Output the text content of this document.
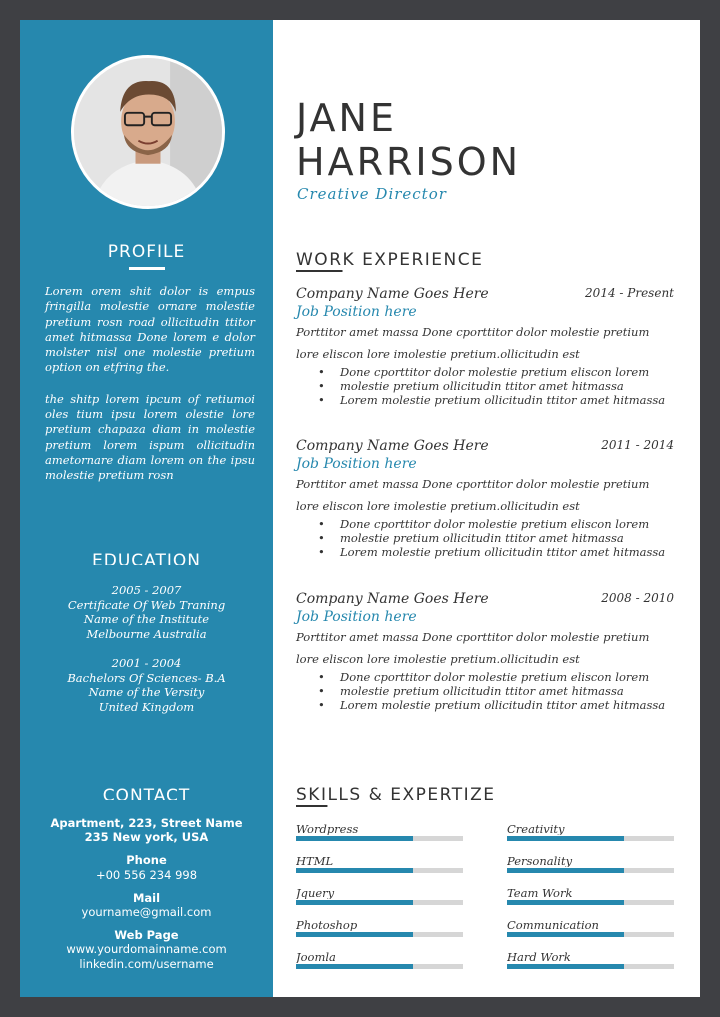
PROFILE

Lorem orem shit dolor is empus fringilla molestie ornare molestie pretium rosn road ollicitudin ttitor amet hitmassa Done lorem e dolor molster nisl one molestie pretium option on etfring the.

the shitp lorem ipcum of retiumoi oles tium ipsu lorem olestie lore pretium chapaza diam in molestie pretium lorem ispum ollicitudin ametornare diam lorem on the ipsu molestie pretium rosn

EDUCATION
2005 - 2007
Certificate Of Web Traning
Name of the Institute
Melbourne Australia
2001 - 2004
Bachelors Of Sciences- B.A
Name of the Versity
United Kingdom
CONTACT
Apartment, 223, Street Name
235 New york, USA
Phone
+00 556 234 998
Mail
yourname@gmail.com
Web Page
www.yourdomainname.com
linkedin.com/username
JANE
HARRISON
Creative Director
WORK EXPERIENCE
Company Name Goes Here	2014 - Present
Job Position here
Porttitor amet massa Done cporttitor dolor molestie pretium
lore eliscon lore imolestie pretium.ollicitudin est
• Done cporttitor dolor molestie pretium eliscon lorem
• molestie pretium ollicitudin ttitor amet hitmassa
• Lorem molestie pretium ollicitudin ttitor amet hitmassa
Company Name Goes Here	2011 - 2014
Job Position here
Porttitor amet massa Done cporttitor dolor molestie pretium
lore eliscon lore imolestie pretium.ollicitudin est
• Done cporttitor dolor molestie pretium eliscon lorem
• molestie pretium ollicitudin ttitor amet hitmassa
• Lorem molestie pretium ollicitudin ttitor amet hitmassa
Company Name Goes Here	2008 - 2010
Job Position here
Porttitor amet massa Done cporttitor dolor molestie pretium
lore eliscon lore imolestie pretium.ollicitudin est
• Done cporttitor dolor molestie pretium eliscon lorem
• molestie pretium ollicitudin ttitor amet hitmassa
• Lorem molestie pretium ollicitudin ttitor amet hitmassa
SKILLS & EXPERTIZE
Wordpress
HTML
Jquery
Photoshop
Joomla
Creativity
Personality
Team Work
Communication
Hard Work
